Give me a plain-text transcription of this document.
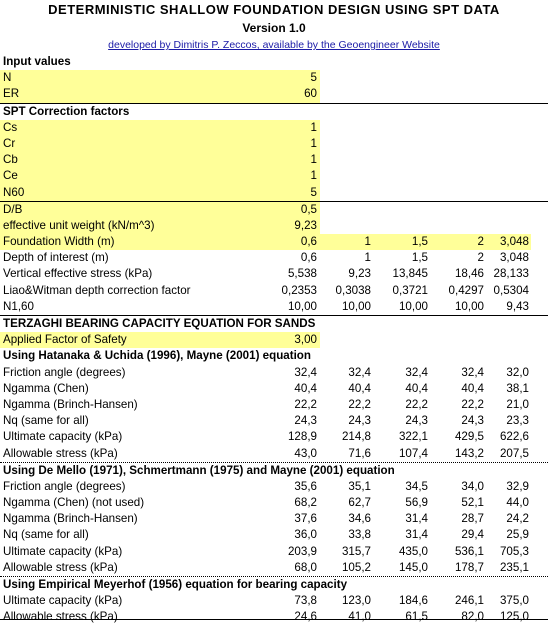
DETERMINISTIC SHALLOW FOUNDATION DESIGN USING SPT DATA
Version 1.0
developed by Dimitris P. Zeccos, available by the Geoengineer Website
Input values
N	5
ER	60
SPT Correction factors
Cs	1
Cr	1
Cb	1
Ce	1
N60	5
D/B	0,5
effective unit weight (kN/m^3)	9,23
Foundation Width (m)	0,6	1	1,5	2 3,048
Depth of interest (m)	0,6	1	1,5	2 3,048
Vertical effective stress (kPa)	5,538	9,23 13,845 18,46 28,133
Liao&Witman depth correction factor	0,2353 0,3038 0,3721 0,4297 0,5304
N1,60	10,00 10,00 10,00 10,00 9,43
TERZAGHI BEARING CAPACITY EQUATION FOR SANDS
Applied Factor of Safety	3,00
Using Hatanaka & Uchida (1996), Mayne (2001) equation
Friction angle (degrees)	32,4	32,4	32,4	32,4 32,0
Ngamma (Chen)	40,4	40,4	40,4	40,4 38,1
Ngamma (Brinch-Hansen)	22,2	22,2	22,2	22,2 21,0
Nq (same for all)	24,3	24,3	24,3	24,3 23,3
Ultimate capacity (kPa)	128,9 214,8 322,1 429,5 622,6
Allowable stress (kPa)	43,0	71,6 107,4 143,2 207,5
Using De Mello (1971), Schmertmann (1975) and Mayne (2001) equation
Friction angle (degrees)	35,6	35,1	34,5	34,0 32,9
Ngamma (Chen) (not used)	68,2	62,7	56,9	52,1 44,0
Ngamma (Brinch-Hansen)	37,6	34,6	31,4	28,7 24,2
Nq (same for all)	36,0	33,8	31,4	29,4 25,9
Ultimate capacity (kPa)	203,9 315,7 435,0 536,1 705,3
Allowable stress (kPa)	68,0 105,2 145,0 178,7 235,1
Using Empirical Meyerhof (1956) equation for bearing capacity
Ultimate capacity (kPa)	73,8 123,0 184,6 246,1 375,0
Allowable stress (kPa)	24,6	41,0	61,5	82,0 125,0
